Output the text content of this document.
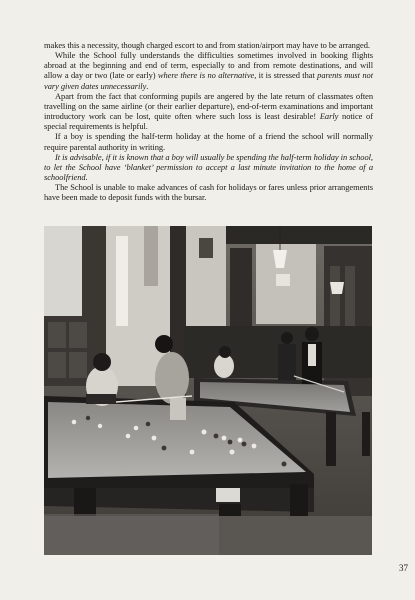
makes this a necessity, though charged escort to and from station/airport may have to be arranged.

While the School fully understands the difficulties sometimes involved in booking flights abroad at the beginning and end of term, especially to and from remote destinations, and will allow a day or two (late or early) where there is no alternative, it is stressed that parents must not vary given dates unnecessarily.

Apart from the fact that conforming pupils are angered by the late return of classmates often travelling on the same airline (or their earlier departure), end-of-term examinations and important introductory work can be lost, quite often where such loss is least desirable! Early notice of special requirements is helpful.

If a boy is spending the half-term holiday at the home of a friend the school will normally require parental authority in writing.

It is advisable, if it is known that a boy will usually be spending the half-term holiday in school, to let the School have ‘blanket’ permission to accept a last minute invitation to the home of a schoolfriend.

The School is unable to make advances of cash for holidays or fares unless prior arrangements have been made to deposit funds with the bursar.

37
